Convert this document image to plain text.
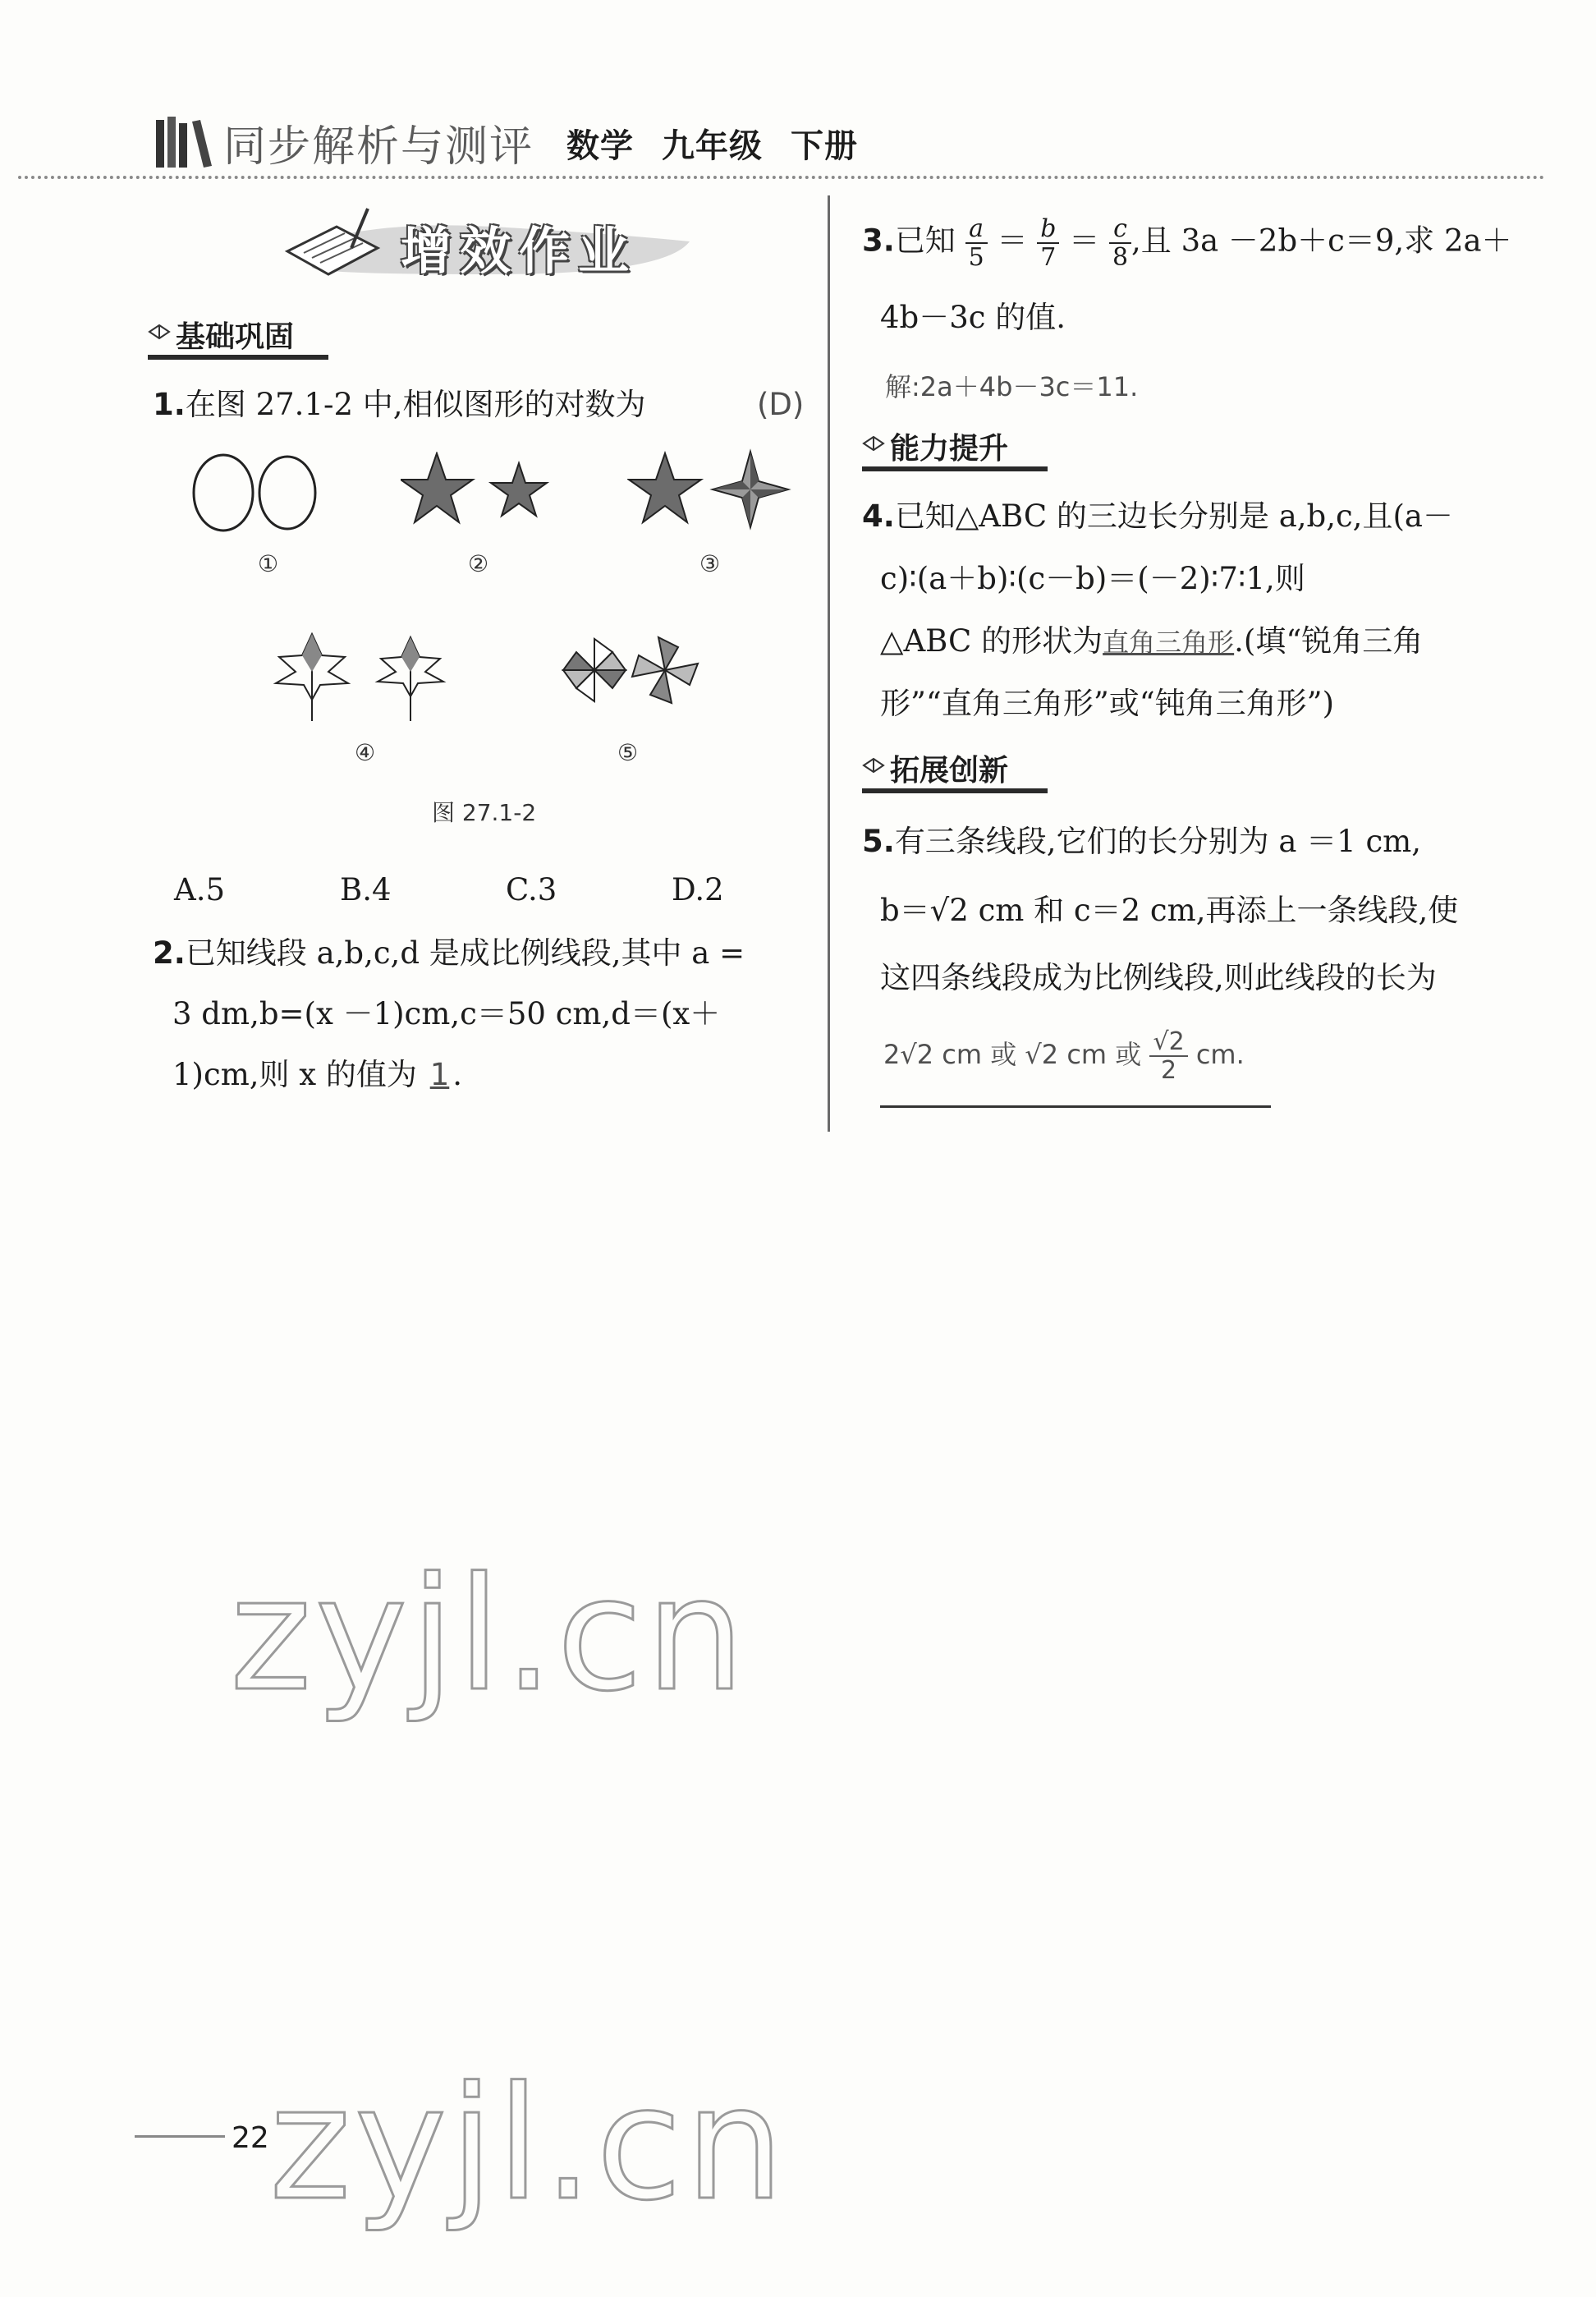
同步解析与测评 数学 九年级 下册
增效作业
基础巩固
1.在图 27.1-2 中,相似图形的对数为	(D)
①	②	③
④	⑤
图 27.1-2
A.5	B.4	C.3	D.2
2.已知线段 a,b,c,d 是成比例线段,其中 a =
3 dm,b=(x －1)cm,c＝50 cm,d＝(x＋
1)cm,则 x 的值为 1 .
3.已知 $\frac{a}{5} = \frac{b}{7} = \frac{c}{8}$ ,且 3a －2b＋c＝9,求 2a＋
4b－3c 的值.
解:2a＋4b－3c＝11.
能力提升
4.已知△ABC 的三边长分别是 a,b,c,且(a－
c)∶(a＋b)∶(c－b)＝(－2)∶7∶1,则
△ABC 的形状为直角三角形.(填“锐角三角
形”“直角三角形”或“钝角三角形”)
拓展创新
5.有三条线段,它们的长分别为 a ＝1 cm,
b＝√2 cm 和 c＝2 cm,再添上一条线段,使
这四条线段成为比例线段,则此线段的长为
2√2 cm 或 √2 cm 或 $\frac{√2}{2}$ cm.
zyjl.cn
zyjl.cn
22
